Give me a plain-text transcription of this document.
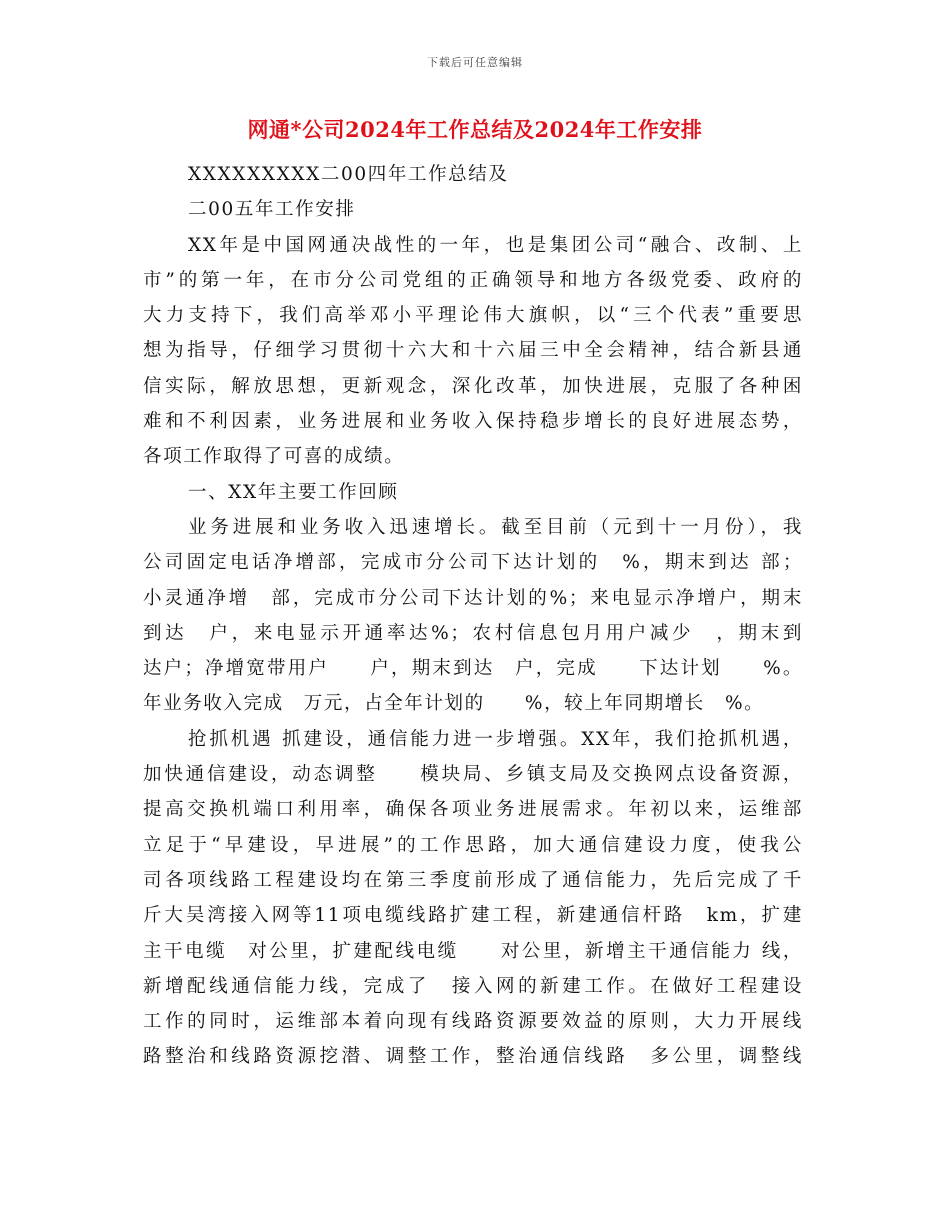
下载后可任意编辑
网通*公司2024年工作总结及2024年工作安排
XXXXXXXXX二00四年工作总结及
二00五年工作安排
XX年是中国网通决战性的一年，也是集团公司“融合、改制、上
市”的第一年，在市分公司党组的正确领导和地方各级党委、政府的
大力支持下，我们高举邓小平理论伟大旗帜，以“三个代表”重要思
想为指导，仔细学习贯彻十六大和十六届三中全会精神，结合新县通
信实际，解放思想，更新观念，深化改革，加快进展，克服了各种困
难和不利因素，业务进展和业务收入保持稳步增长的良好进展态势，
各项工作取得了可喜的成绩。
一、XX年主要工作回顾
业务进展和业务收入迅速增长。截至目前（元到十一月份），我
公司固定电话净增部，完成市分公司下达计划的　%，期末到达 部；
小灵通净增　部，完成市分公司下达计划的%；来电显示净增户，期末
到达　户，来电显示开通率达%；农村信息包月用户减少　，期末到
达户；净增宽带用户　　户，期末到达　户，完成　　下达计划　　%。
年业务收入完成　万元，占全年计划的　　%，较上年同期增长　%。
抢抓机遇 抓建设，通信能力进一步增强。XX年，我们抢抓机遇，
加快通信建设，动态调整　　模块局、乡镇支局及交换网点设备资源，
提高交换机端口利用率，确保各项业务进展需求。年初以来，运维部
立足于“早建设，早进展”的工作思路，加大通信建设力度，使我公
司各项线路工程建设均在第三季度前形成了通信能力，先后完成了千
斤大吴湾接入网等11项电缆线路扩建工程，新建通信杆路　km，扩建
主干电缆　对公里，扩建配线电缆　　对公里，新增主干通信能力 线，
新增配线通信能力线，完成了　接入网的新建工作。在做好工程建设
工作的同时，运维部本着向现有线路资源要效益的原则，大力开展线
路整治和线路资源挖潜、调整工作，整治通信线路　多公里，调整线
